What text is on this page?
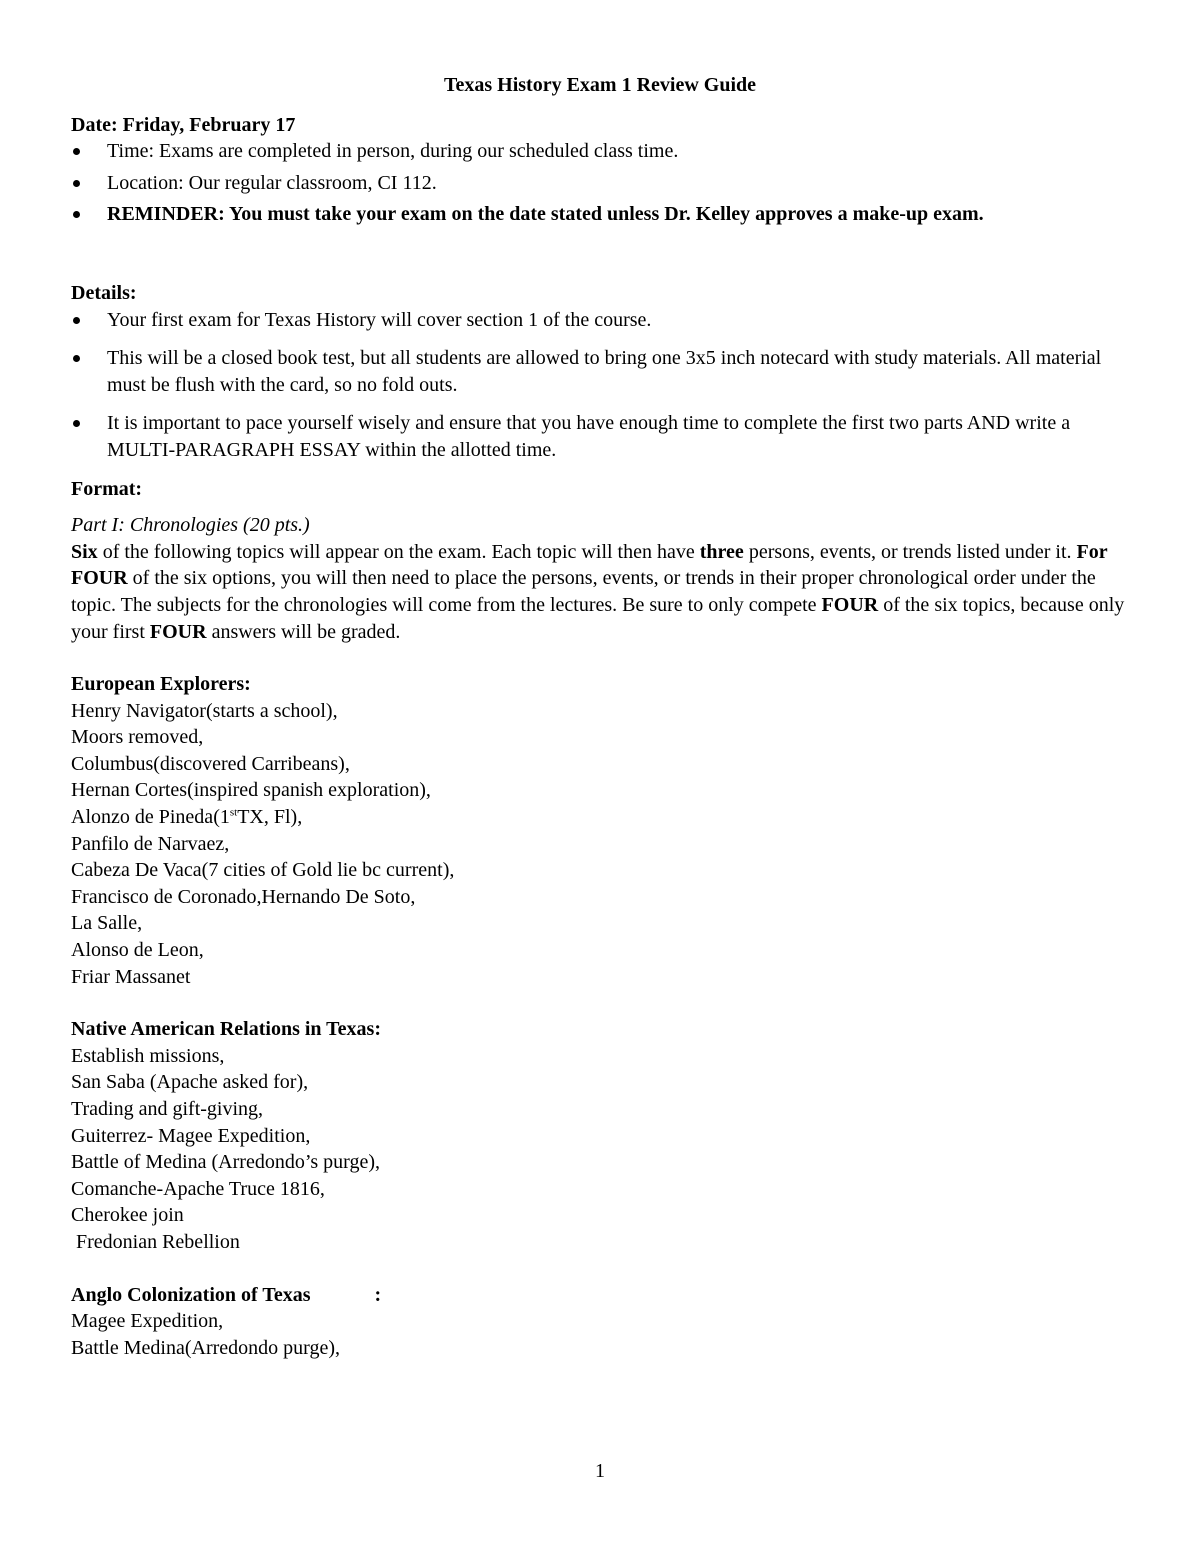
Texas History Exam 1 Review Guide

Date: Friday, February 17

Time: Exams are completed in person, during our scheduled class time.
Location: Our regular classroom, CI 112.
REMINDER: You must take your exam on the date stated unless Dr. Kelley approves a make-up exam.

Details:

Your first exam for Texas History will cover section 1 of the course.
This will be a closed book test, but all students are allowed to bring one 3x5 inch notecard with study materials. All material must be flush with the card, so no fold outs.
It is important to pace yourself wisely and ensure that you have enough time to complete the first two parts AND write a MULTI-PARAGRAPH ESSAY within the allotted time.

Format:

Part I: Chronologies (20 pts.)

Six of the following topics will appear on the exam. Each topic will then have three persons, events, or trends listed under it. For FOUR of the six options, you will then need to place the persons, events, or trends in their proper chronological order under the topic. The subjects for the chronologies will come from the lectures. Be sure to only compete FOUR of the six topics, because only your first FOUR answers will be graded.

European Explorers:

Henry Navigator(starts a school),

Moors removed,

Columbus(discovered Carribeans),

Hernan Cortes(inspired spanish exploration),

Alonzo de Pineda(1stTX, Fl),

Panfilo de Narvaez,

Cabeza De Vaca(7 cities of Gold lie bc current),

Francisco de Coronado,Hernando De Soto,

La Salle,

Alonso de Leon,

Friar Massanet

Native American Relations in Texas:

Establish missions,

San Saba (Apache asked for),

Trading and gift-giving,

Guiterrez- Magee Expedition,

Battle of Medina (Arredondo’s purge),

Comanche-Apache Truce 1816,

Cherokee join

Fredonian Rebellion

Anglo Colonization of Texas	:

Magee Expedition,

Battle Medina(Arredondo purge),

1
